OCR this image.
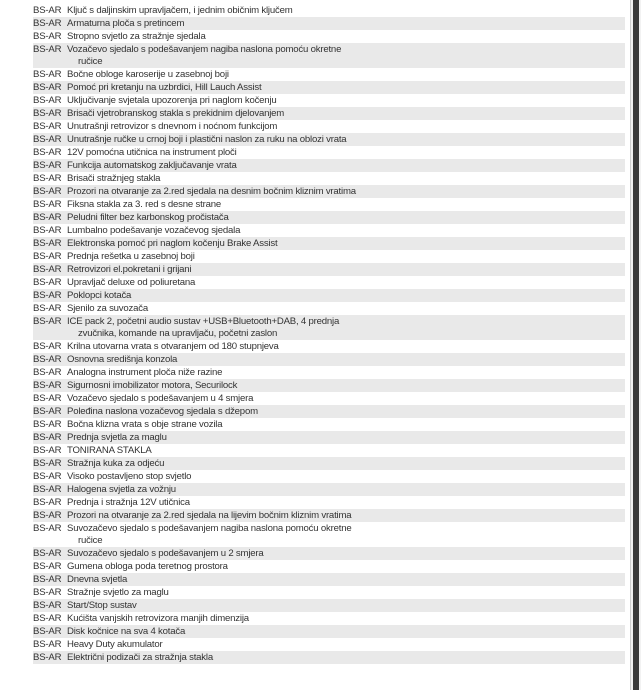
BS-AR Ključ s daljinskim upravljačem, i jednim običnim ključem
BS-AR Armaturna ploča s pretincem
BS-AR Stropno svjetlo za stražnje sjedala
BS-AR Vozačevo sjedalo s podešavanjem nagiba naslona pomoću okretne
ručice
BS-AR Bočne obloge karoserije u zasebnoj boji
BS-AR Pomoć pri kretanju na uzbrdici, Hill Lauch Assist
BS-AR Uključivanje svjetala upozorenja pri naglom kočenju
BS-AR Brisači vjetrobranskog stakla s prekidnim djelovanjem
BS-AR Unutrašnji retrovizor s dnevnom i noćnom funkcijom
BS-AR Unutrašnje ručke u crnoj boji i plastični naslon za ruku na oblozi vrata
BS-AR 12V pomoćna utičnica na instrument ploči
BS-AR Funkcija automatskog zaključavanje vrata
BS-AR Brisači stražnjeg stakla
BS-AR Prozori na otvaranje za 2.red sjedala na desnim bočnim kliznim vratima
BS-AR Fiksna stakla za 3. red s desne strane
BS-AR Peludni filter bez karbonskog pročistača
BS-AR Lumbalno podešavanje vozačevog sjedala
BS-AR Elektronska pomoć pri naglom kočenju Brake Assist
BS-AR Prednja rešetka u zasebnoj boji
BS-AR Retrovizori el.pokretani i grijani
BS-AR Upravljač deluxe od poliuretana
BS-AR Poklopci kotača
BS-AR Sjenilo za suvozača
BS-AR ICE pack 2, početni audio sustav +USB+Bluetooth+DAB, 4 prednja
zvučnika, komande na upravljaču, početni zaslon
BS-AR Krilna utovarna vrata s otvaranjem od 180 stupnjeva
BS-AR Osnovna središnja konzola
BS-AR Analogna instrument ploča niže razine
BS-AR Sigurnosni imobilizator motora, Securilock
BS-AR Vozačevo sjedalo s podešavanjem u 4 smjera
BS-AR Poleđina naslona vozačevog sjedala s džepom
BS-AR Bočna klizna vrata s obje strane vozila
BS-AR Prednja svjetla za maglu
BS-AR TONIRANA STAKLA
BS-AR Stražnja kuka za odjeću
BS-AR Visoko postavljeno stop svjetlo
BS-AR Halogena svjetla za vožnju
BS-AR Prednja i stražnja 12V utičnica
BS-AR Prozori na otvaranje za 2.red sjedala na lijevim bočnim kliznim vratima
BS-AR Suvozačevo sjedalo s podešavanjem nagiba naslona pomoću okretne
ručice
BS-AR Suvozačevo sjedalo s podešavanjem u 2 smjera
BS-AR Gumena obloga poda teretnog prostora
BS-AR Dnevna svjetla
BS-AR Stražnje svjetlo za maglu
BS-AR Start/Stop sustav
BS-AR Kućišta vanjskih retrovizora manjih dimenzija
BS-AR Disk kočnice na sva 4 kotača
BS-AR Heavy Duty akumulator
BS-AR Električni podizači za stražnja stakla
